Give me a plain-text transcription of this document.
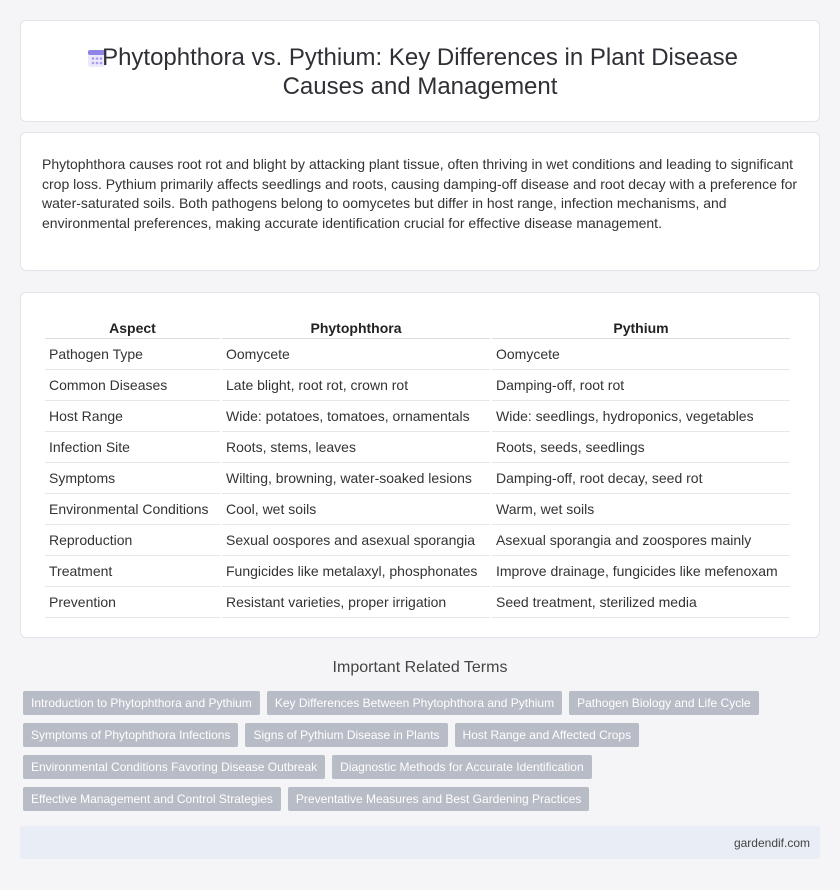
Phytophthora vs. Pythium: Key Differences in Plant Disease Causes and Management

Phytophthora causes root rot and blight by attacking plant tissue, often thriving in wet conditions and leading to significant crop loss. Pythium primarily affects seedlings and roots, causing damping-off disease and root decay with a preference for water-saturated soils. Both pathogens belong to oomycetes but differ in host range, infection mechanisms, and environmental preferences, making accurate identification crucial for effective disease management.

Aspect	Phytophthora	Pythium
Pathogen Type	Oomycete	Oomycete
Common Diseases	Late blight, root rot, crown rot	Damping-off, root rot
Host Range	Wide: potatoes, tomatoes, ornamentals	Wide: seedlings, hydroponics, vegetables
Infection Site	Roots, stems, leaves	Roots, seeds, seedlings
Symptoms	Wilting, browning, water-soaked lesions	Damping-off, root decay, seed rot
Environmental Conditions	Cool, wet soils	Warm, wet soils
Reproduction	Sexual oospores and asexual sporangia	Asexual sporangia and zoospores mainly
Treatment	Fungicides like metalaxyl, phosphonates	Improve drainage, fungicides like mefenoxam
Prevention	Resistant varieties, proper irrigation	Seed treatment, sterilized media
Important Related Terms
Introduction to Phytophthora and Pythium	Key Differences Between Phytophthora and Pythium	Pathogen Biology and Life Cycle
Symptoms of Phytophthora Infections	Signs of Pythium Disease in Plants	Host Range and Affected Crops
Environmental Conditions Favoring Disease Outbreak	Diagnostic Methods for Accurate Identification
Effective Management and Control Strategies	Preventative Measures and Best Gardening Practices
gardendif.com
